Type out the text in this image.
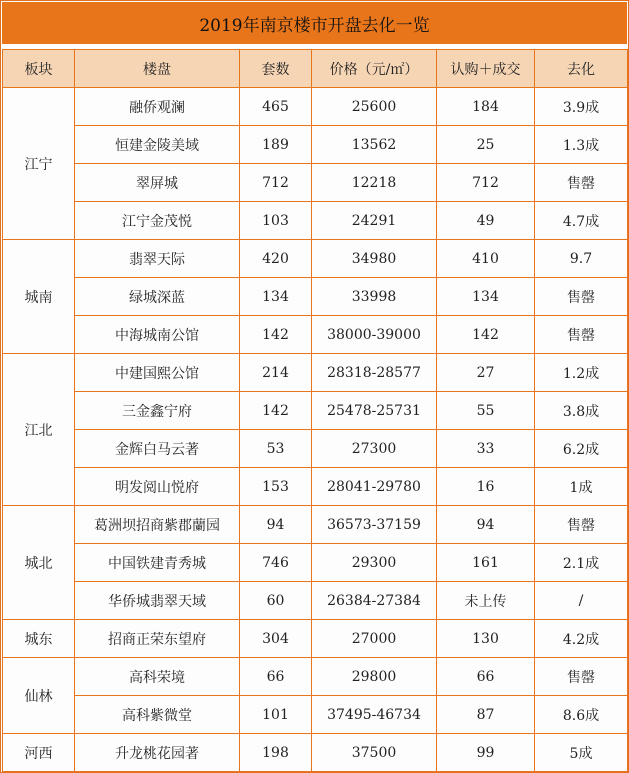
2019年南京楼市开盘去化一览
板块	楼盘	套数	价格（元/㎡）	认购＋成交	去化
江宁	融侨观澜	465	25600	184	3.9成
	恒建金陵美域	189	13562	25	1.3成
	翠屏城	712	12218	712	售罄
	江宁金茂悦	103	24291	49	4.7成
城南	翡翠天际	420	34980	410	9.7
	绿城深蓝	134	33998	134	售罄
	中海城南公馆	142	38000-39000	142	售罄
江北	中建国熙公馆	214	28318-28577	27	1.2成
	三金鑫宁府	142	25478-25731	55	3.8成
	金辉白马云著	53	27300	33	6.2成
	明发阅山悦府	153	28041-29780	16	1成
城北	葛洲坝招商紫郡蘭园	94	36573-37159	94	售罄
	中国铁建青秀城	746	29300	161	2.1成
	华侨城翡翠天域	60	26384-27384	未上传	/
城东	招商正荣东望府	304	27000	130	4.2成
仙林	高科荣境	66	29800	66	售罄
	高科紫微堂	101	37495-46734	87	8.6成
河西	升龙桃花园著	198	37500	99	5成
